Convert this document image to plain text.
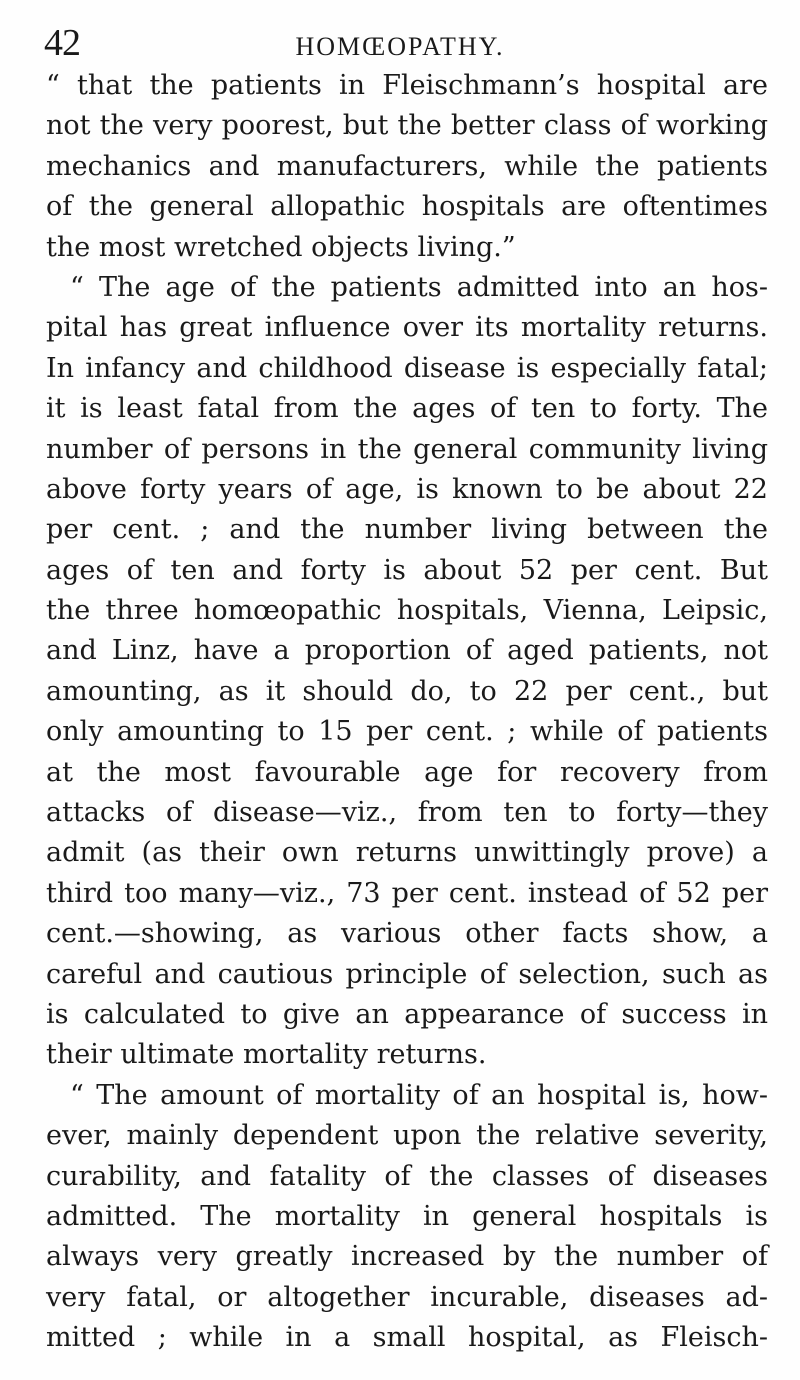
42	HOMŒOPATHY.
“ that the patients in Fleischmann’s hospital are
not the very poorest, but the better class of working
mechanics and manufacturers, while the patients
of the general allopathic hospitals are oftentimes
the most wretched objects living.”
“ The age of the patients admitted into an hos-
pital has great influence over its mortality returns.
In infancy and childhood disease is especially fatal;
it is least fatal from the ages of ten to forty. The
number of persons in the general community living
above forty years of age, is known to be about 22
per cent. ; and the number living between the
ages of ten and forty is about 52 per cent. But
the three homœopathic hospitals, Vienna, Leipsic,
and Linz, have a proportion of aged patients, not
amounting, as it should do, to 22 per cent., but
only amounting to 15 per cent. ; while of patients
at the most favourable age for recovery from
attacks of disease—viz., from ten to forty—they
admit (as their own returns unwittingly prove) a
third too many—viz., 73 per cent. instead of 52 per
cent.—showing, as various other facts show, a
careful and cautious principle of selection, such as
is calculated to give an appearance of success in
their ultimate mortality returns.
“ The amount of mortality of an hospital is, how-
ever, mainly dependent upon the relative severity,
curability, and fatality of the classes of diseases
admitted. The mortality in general hospitals is
always very greatly increased by the number of
very fatal, or altogether incurable, diseases ad-
mitted ; while in a small hospital, as Fleisch-
